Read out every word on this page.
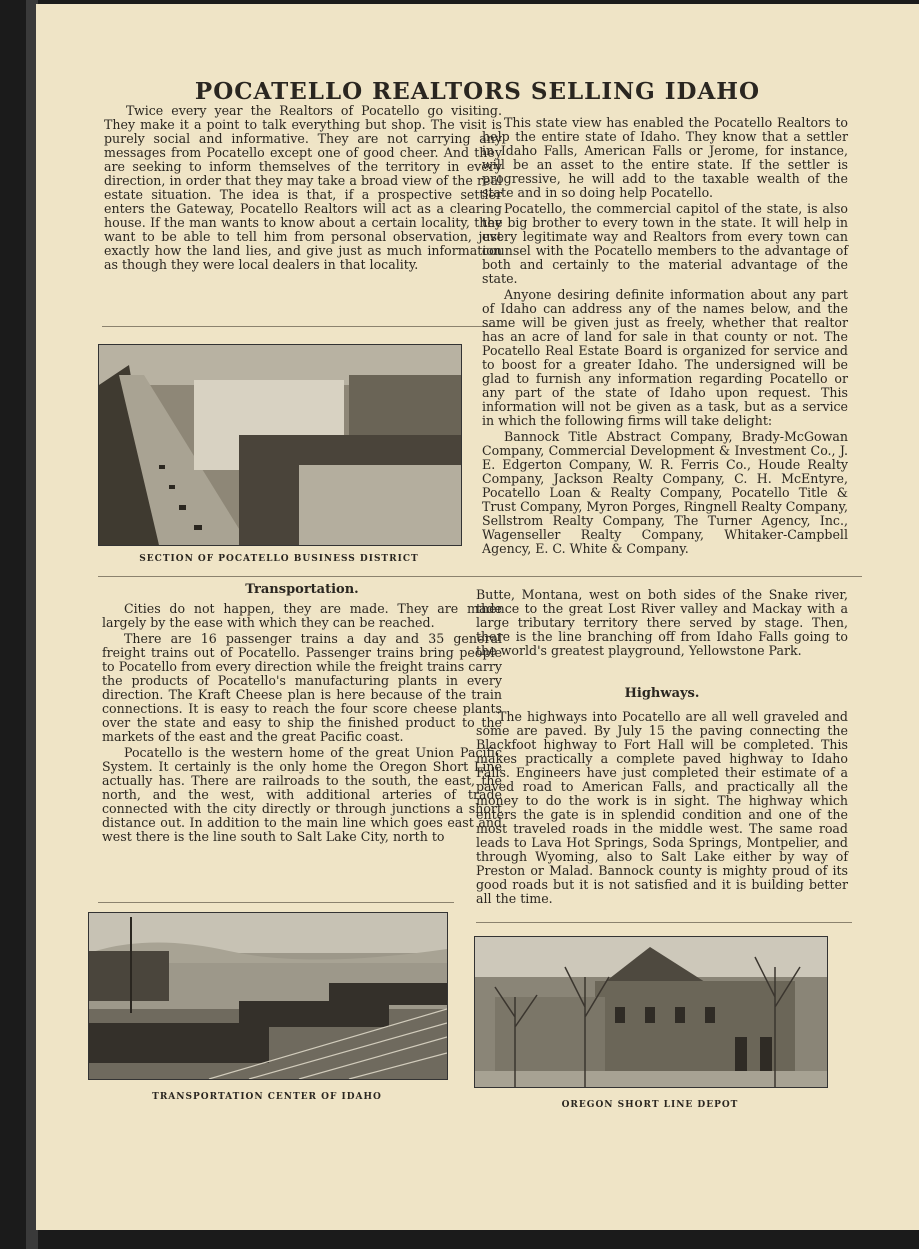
POCATELLO REALTORS SELLING IDAHO

Twice every year the Realtors of Pocatello go visiting. They make it a point to talk everything but shop. The visit is purely social and informative. They are not carrying any messages from Pocatello except one of good cheer. And they are seeking to inform themselves of the territory in every direction, in order that they may take a broad view of the real estate situation. The idea is that, if a prospective settler enters the Gateway, Pocatello Realtors will act as a clearing house. If the man wants to know about a certain locality, they want to be able to tell him from personal observation, just exactly how the land lies, and give just as much information as though they were local dealers in that locality.

SECTION OF POCATELLO BUSINESS DISTRICT

This state view has enabled the Pocatello Realtors to help the entire state of Idaho. They know that a settler in Idaho Falls, American Falls or Jerome, for instance, will be an asset to the entire state. If the settler is progressive, he will add to the taxable wealth of the state and in so doing help Pocatello.

Pocatello, the commercial capitol of the state, is also the big brother to every town in the state. It will help in every legitimate way and Realtors from every town can counsel with the Pocatello members to the advantage of both and certainly to the material advantage of the state.

Anyone desiring definite information about any part of Idaho can address any of the names below, and the same will be given just as freely, whether that realtor has an acre of land for sale in that county or not. The Pocatello Real Estate Board is organized for service and to boost for a greater Idaho. The undersigned will be glad to furnish any information regarding Pocatello or any part of the state of Idaho upon request. This information will not be given as a task, but as a service in which the following firms will take delight:

Bannock Title Abstract Company, Brady-McGowan Company, Commercial Development & Investment Co., J. E. Edgerton Company, W. R. Ferris Co., Houde Realty Company, Jackson Realty Company, C. H. McEntyre, Pocatello Loan & Realty Company, Pocatello Title & Trust Company, Myron Porges, Ringnell Realty Company, Sellstrom Realty Company, The Turner Agency, Inc., Wagenseller Realty Company, Whitaker-Campbell Agency, E. C. White & Company.

Transportation.

Cities do not happen, they are made. They are made largely by the ease with which they can be reached.

There are 16 passenger trains a day and 35 general freight trains out of Pocatello. Passenger trains bring people to Pocatello from every direction while the freight trains carry the products of Pocatello's manufacturing plants in every direction. The Kraft Cheese plan is here because of the train connections. It is easy to reach the four score cheese plants over the state and easy to ship the finished product to the markets of the east and the great Pacific coast.

Pocatello is the western home of the great Union Pacific System. It certainly is the only home the Oregon Short Line actually has. There are railroads to the south, the east, the north, and the west, with additional arteries of trade connected with the city directly or through junctions a short distance out. In addition to the main line which goes east and west there is the line south to Salt Lake City, north to

Butte, Montana, west on both sides of the Snake river, thence to the great Lost River valley and Mackay with a large tributary territory there served by stage. Then, there is the line branching off from Idaho Falls going to the world's greatest playground, Yellowstone Park.

Highways.

The highways into Pocatello are all well graveled and some are paved. By July 15 the paving connecting the Blackfoot highway to Fort Hall will be completed. This makes practically a complete paved highway to Idaho Falls. Engineers have just completed their estimate of a paved road to American Falls, and practically all the money to do the work is in sight. The highway which enters the gate is in splendid condition and one of the most traveled roads in the middle west. The same road leads to Lava Hot Springs, Soda Springs, Montpelier, and through Wyoming, also to Salt Lake either by way of Preston or Malad. Bannock county is mighty proud of its good roads but it is not satisfied and it is building better all the time.

TRANSPORTATION CENTER OF IDAHO
OREGON SHORT LINE DEPOT
